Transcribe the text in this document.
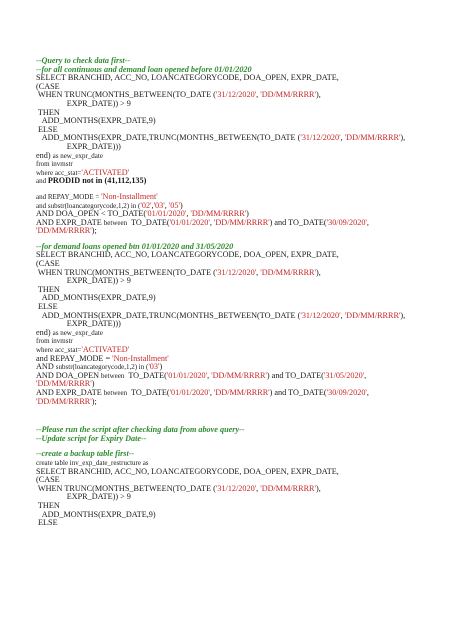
--Query to check data first--
--for all continuous and demand loan opened before 01/01/2020
SELECT BRANCHID, ACC_NO, LOANCATEGORYCODE, DOA_OPEN, EXPR_DATE,
(CASE
WHEN TRUNC(MONTHS_BETWEEN(TO_DATE ('31/12/2020', 'DD/MM/RRRR'),
EXPR_DATE)) > 9
THEN
ADD_MONTHS(EXPR_DATE,9)
ELSE
ADD_MONTHS(EXPR_DATE,TRUNC(MONTHS_BETWEEN(TO_DATE ('31/12/2020', 'DD/MM/RRRR'),
EXPR_DATE)))
end) as new_expr_date
from invmstr
where acc_stat='ACTIVATED'
and PRODID not in (41,112,135)
and REPAY_MODE = 'Non-Installment'
and substr(loancategorycode,1,2) in ('02','03', '05')
AND DOA_OPEN < TO_DATE('01/01/2020', 'DD/MM/RRRR')
AND EXPR_DATE between  TO_DATE('01/01/2020', 'DD/MM/RRRR') and TO_DATE('30/09/2020',
'DD/MM/RRRR');
--for demand loans opened btn 01/01/2020 and 31/05/2020
SELECT BRANCHID, ACC_NO, LOANCATEGORYCODE, DOA_OPEN, EXPR_DATE,
(CASE
WHEN TRUNC(MONTHS_BETWEEN(TO_DATE ('31/12/2020', 'DD/MM/RRRR'),
EXPR_DATE)) > 9
THEN
ADD_MONTHS(EXPR_DATE,9)
ELSE
ADD_MONTHS(EXPR_DATE,TRUNC(MONTHS_BETWEEN(TO_DATE ('31/12/2020', 'DD/MM/RRRR'),
EXPR_DATE)))
end) as new_expr_date
from invmstr
where acc_stat='ACTIVATED'
and REPAY_MODE = 'Non-Installment'
AND substr(loancategorycode,1,2) in ('03')
AND DOA_OPEN between  TO_DATE('01/01/2020', 'DD/MM/RRRR') and TO_DATE('31/05/2020',
'DD/MM/RRRR')
AND EXPR_DATE between  TO_DATE('01/01/2020', 'DD/MM/RRRR') and TO_DATE('30/09/2020',
'DD/MM/RRRR');
--Please run the script after checking data from above query--
--Update script for Expiry Date--
--create a backup table first--
create table inv_exp_date_restructure as
SELECT BRANCHID, ACC_NO, LOANCATEGORYCODE, DOA_OPEN, EXPR_DATE,
(CASE
WHEN TRUNC(MONTHS_BETWEEN(TO_DATE ('31/12/2020', 'DD/MM/RRRR'),
EXPR_DATE)) > 9
THEN
ADD_MONTHS(EXPR_DATE,9)
ELSE
